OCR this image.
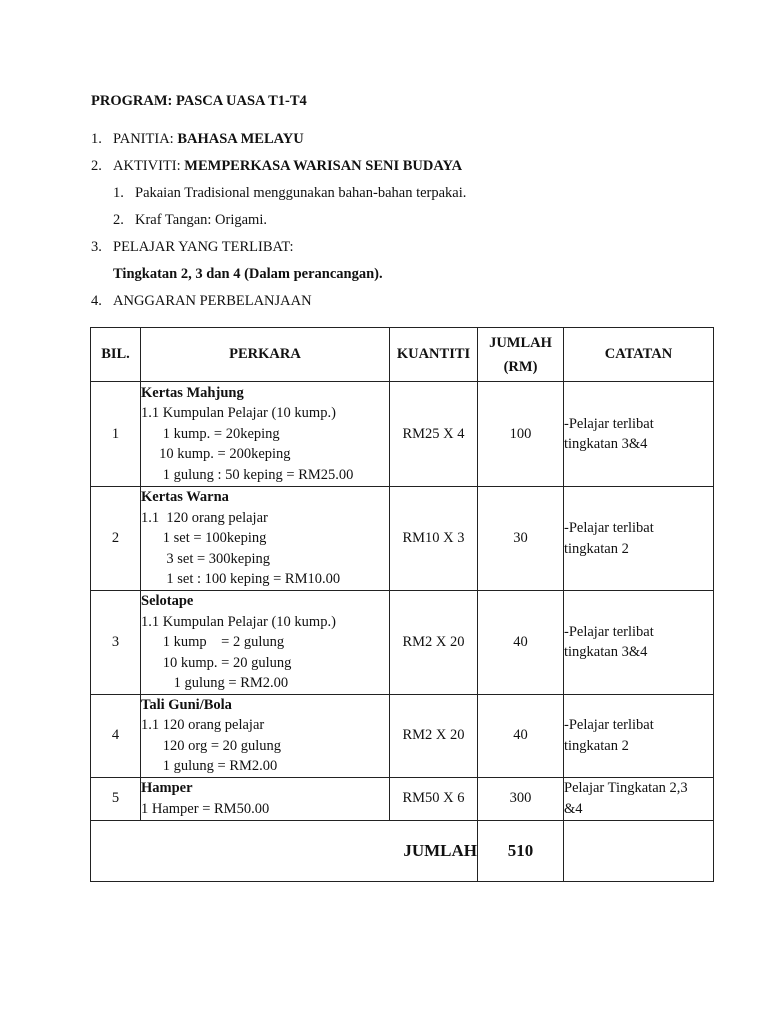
PROGRAM: PASCA UASA T1-T4

1. PANITIA: BAHASA MELAYU

2. AKTIVITI: MEMPERKASA WARISAN SENI BUDAYA

1. Pakaian Tradisional menggunakan bahan-bahan terpakai.

2. Kraf Tangan: Origami.

3. PELAJAR YANG TERLIBAT:

Tingkatan 2, 3 dan 4 (Dalam perancangan).

4. ANGGARAN PERBELANJAAN

BIL.	PERKARA	KUANTITI	JUMLAH
(RM)	CATATAN
1	Kertas Mahjung
1.1 Kumpulan Pelajar (10 kump.)
1 kump. = 20keping
10 kump. = 200keping
1 gulung : 50 keping = RM25.00	RM25 X 4	100	-Pelajar terlibat
tingkatan 3&4

2	Kertas Warna
1.1  120 orang pelajar
1 set = 100keping
3 set = 300keping
1 set : 100 keping = RM10.00	RM10 X 3	30	-Pelajar terlibat
tingkatan 2

3	Selotape
1.1 Kumpulan Pelajar (10 kump.)
1 kump    = 2 gulung
10 kump. = 20 gulung
1 gulung = RM2.00	RM2 X 20	40	-Pelajar terlibat
tingkatan 3&4

4	Tali Guni/Bola
1.1 120 orang pelajar
120 org = 20 gulung
1 gulung = RM2.00	RM2 X 20	40	-Pelajar terlibat
tingkatan 2

5	Hamper
1 Hamper = RM50.00	RM50 X 6	300	Pelajar Tingkatan 2,3
&4

JUMLAH			510	
